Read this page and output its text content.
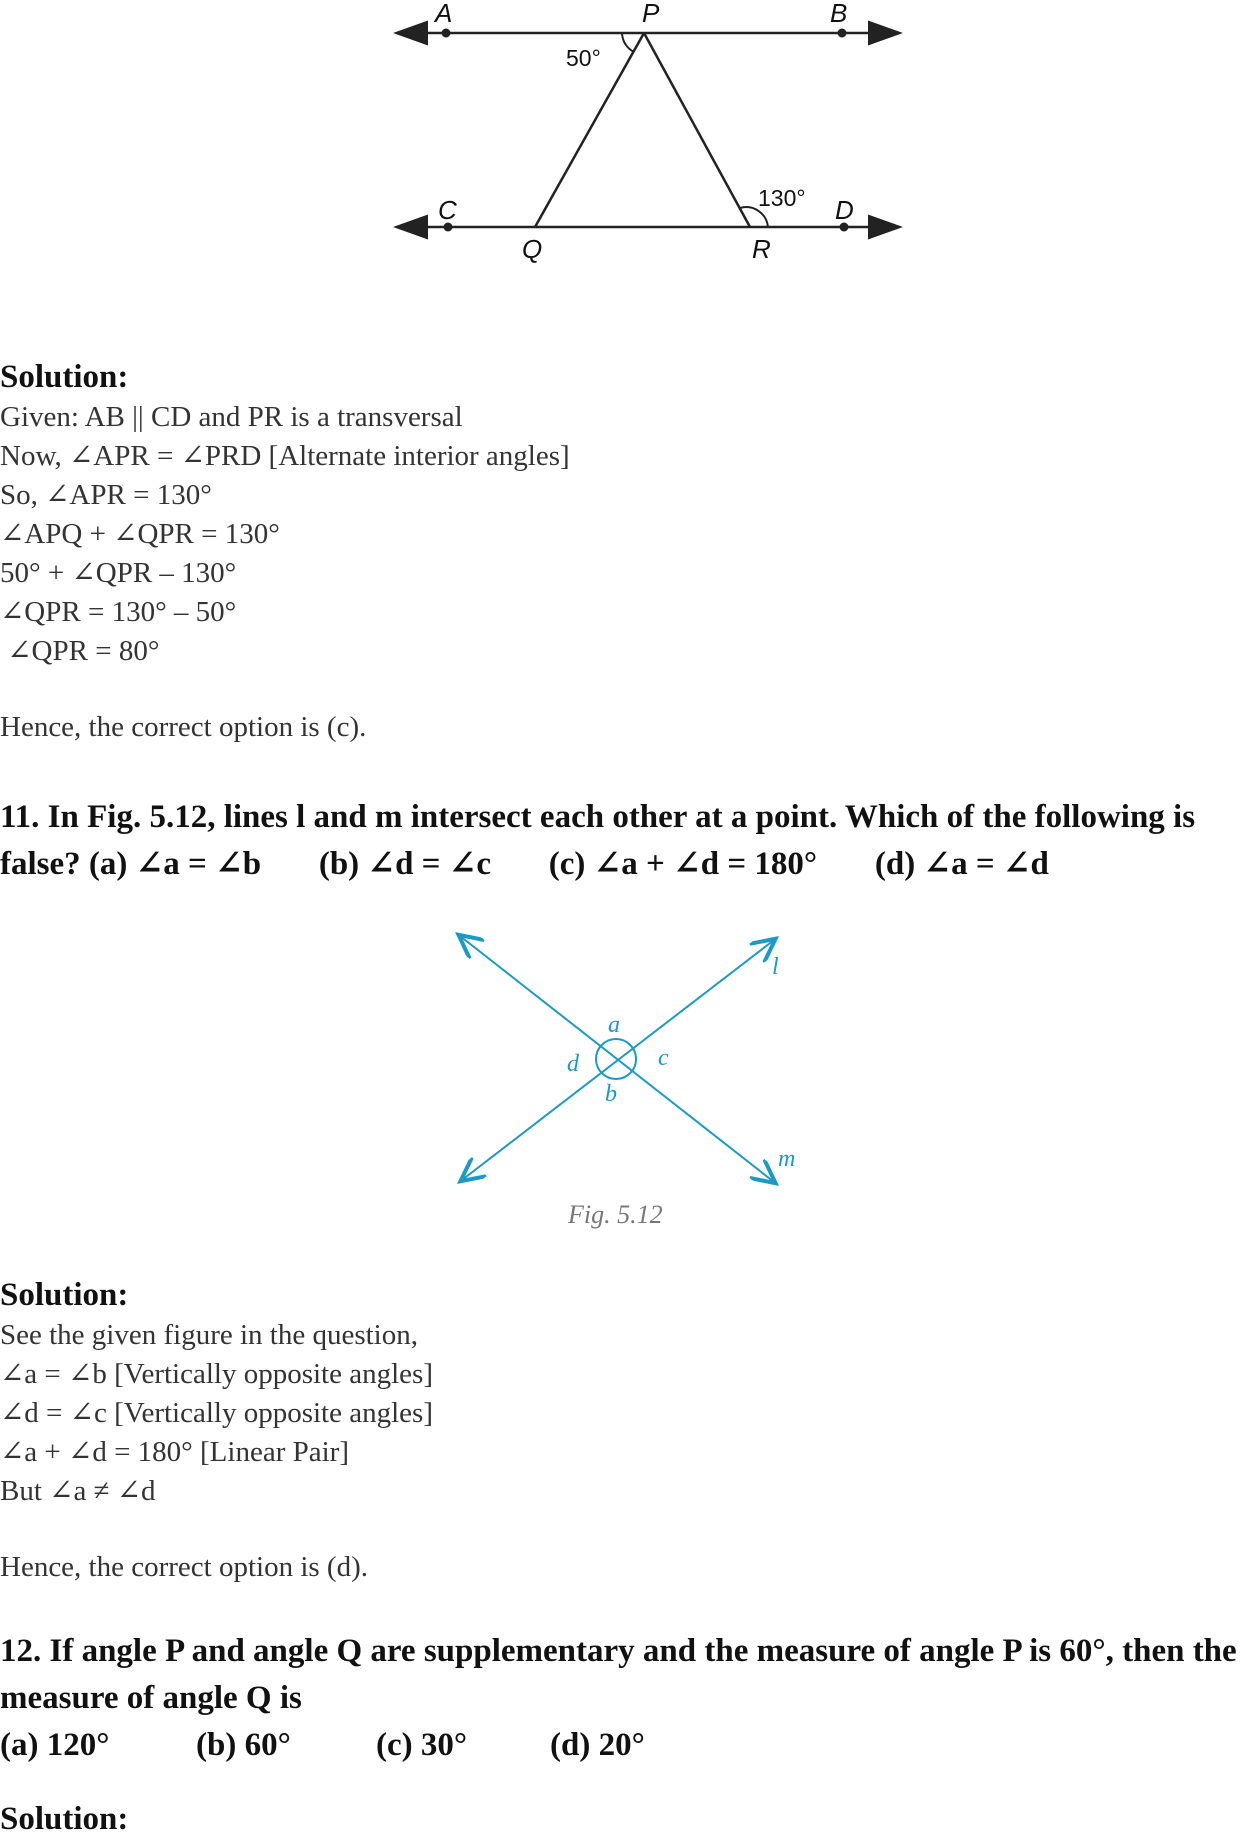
A	P	B
C	D
Q	R
50°
130°

Solution:

Given: AB || CD and PR is a transversal
Now, ∠APR = ∠PRD [Alternate interior angles]
So, ∠APR = 130°
∠APQ + ∠QPR = 130°
50° + ∠QPR – 130°
∠QPR = 130° – 50°
∠QPR = 80°
Hence, the correct option is (c).

11. In Fig. 5.12, lines l and m intersect each other at a point. Which of the following is false? (a) ∠a = ∠b       (b) ∠d = ∠c       (c) ∠a + ∠d = 180°       (d) ∠a = ∠d

a
b
c
d
l
m
Fig. 5.12

Solution:

See the given figure in the question,
∠a = ∠b [Vertically opposite angles]
∠d = ∠c [Vertically opposite angles]
∠a + ∠d = 180° [Linear Pair]
But ∠a ≠ ∠d
Hence, the correct option is (d).

12. If angle P and angle Q are supplementary and the measure of angle P is 60°, then the measure of angle Q is

(a) 120°	(b) 60°	(c) 30°	(d) 20°

Solution:
